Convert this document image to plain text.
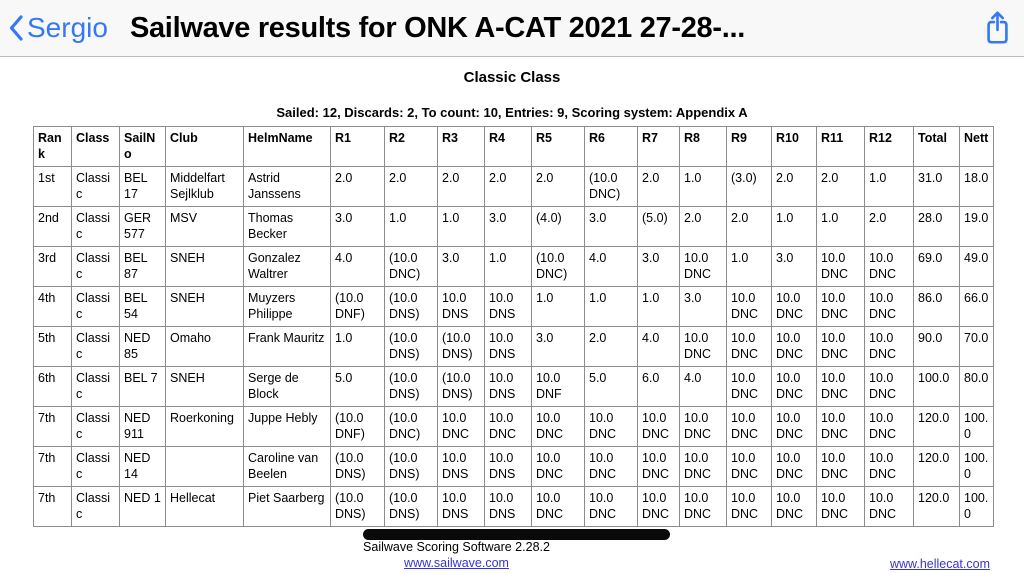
Sergio Sailwave results for ONK A-CAT 2021 27-28-...
Classic Class
Sailed: 12, Discards: 2, To count: 10, Entries: 9, Scoring system: Appendix A
Rank	Class	SailNo	Club	HelmName	R1	R2	R3	R4	R5	R6	R7	R8	R9	R10	R11	R12	Total	Nett
1st	Classic	BEL 17	Middelfart Sejlklub	Astrid Janssens	2.0	2.0	2.0	2.0	2.0	(10.0 DNC)	2.0	1.0	(3.0)	2.0	2.0	1.0	31.0	18.0
2nd	Classic	GER 577	MSV	Thomas Becker	3.0	1.0	1.0	3.0	(4.0)	3.0	(5.0)	2.0	2.0	1.0	1.0	2.0	28.0	19.0
3rd	Classic	BEL 87	SNEH	Gonzalez Waltrer	4.0	(10.0 DNC)	3.0	1.0	(10.0 DNC)	4.0	3.0	10.0 DNC	1.0	3.0	10.0 DNC	10.0 DNC	69.0	49.0
4th	Classic	BEL 54	SNEH	Muyzers Philippe	(10.0 DNF)	(10.0 DNS)	10.0 DNS	10.0 DNS	1.0	1.0	1.0	3.0	10.0 DNC	10.0 DNC	10.0 DNC	10.0 DNC	86.0	66.0
5th	Classic	NED 85	Omaho	Frank Mauritz	1.0	(10.0 DNS)	(10.0 DNS)	10.0 DNS	3.0	2.0	4.0	10.0 DNC	10.0 DNC	10.0 DNC	10.0 DNC	10.0 DNC	90.0	70.0
6th	Classic	BEL 7	SNEH	Serge de Block	5.0	(10.0 DNS)	(10.0 DNS)	10.0 DNS	10.0 DNF	5.0	6.0	4.0	10.0 DNC	10.0 DNC	10.0 DNC	10.0 DNC	100.0	80.0
7th	Classic	NED 911	Roerkoning	Juppe Hebly	(10.0 DNF)	(10.0 DNC)	10.0 DNC	10.0 DNC	10.0 DNC	10.0 DNC	10.0 DNC	10.0 DNC	10.0 DNC	10.0 DNC	10.0 DNC	10.0 DNC	120.0	100.0
7th	Classic	NED 14		Caroline van Beelen	(10.0 DNS)	(10.0 DNS)	10.0 DNS	10.0 DNS	10.0 DNC	10.0 DNC	10.0 DNC	10.0 DNC	10.0 DNC	10.0 DNC	10.0 DNC	10.0 DNC	120.0	100.0
7th	Classic	NED 1	Hellecat	Piet Saarberg	(10.0 DNS)	(10.0 DNS)	10.0 DNS	10.0 DNS	10.0 DNC	10.0 DNC	10.0 DNC	10.0 DNC	10.0 DNC	10.0 DNC	10.0 DNC	10.0 DNC	120.0	100.0
Sailwave Scoring Software 2.28.2
www.sailwave.com	www.hellecat.com
